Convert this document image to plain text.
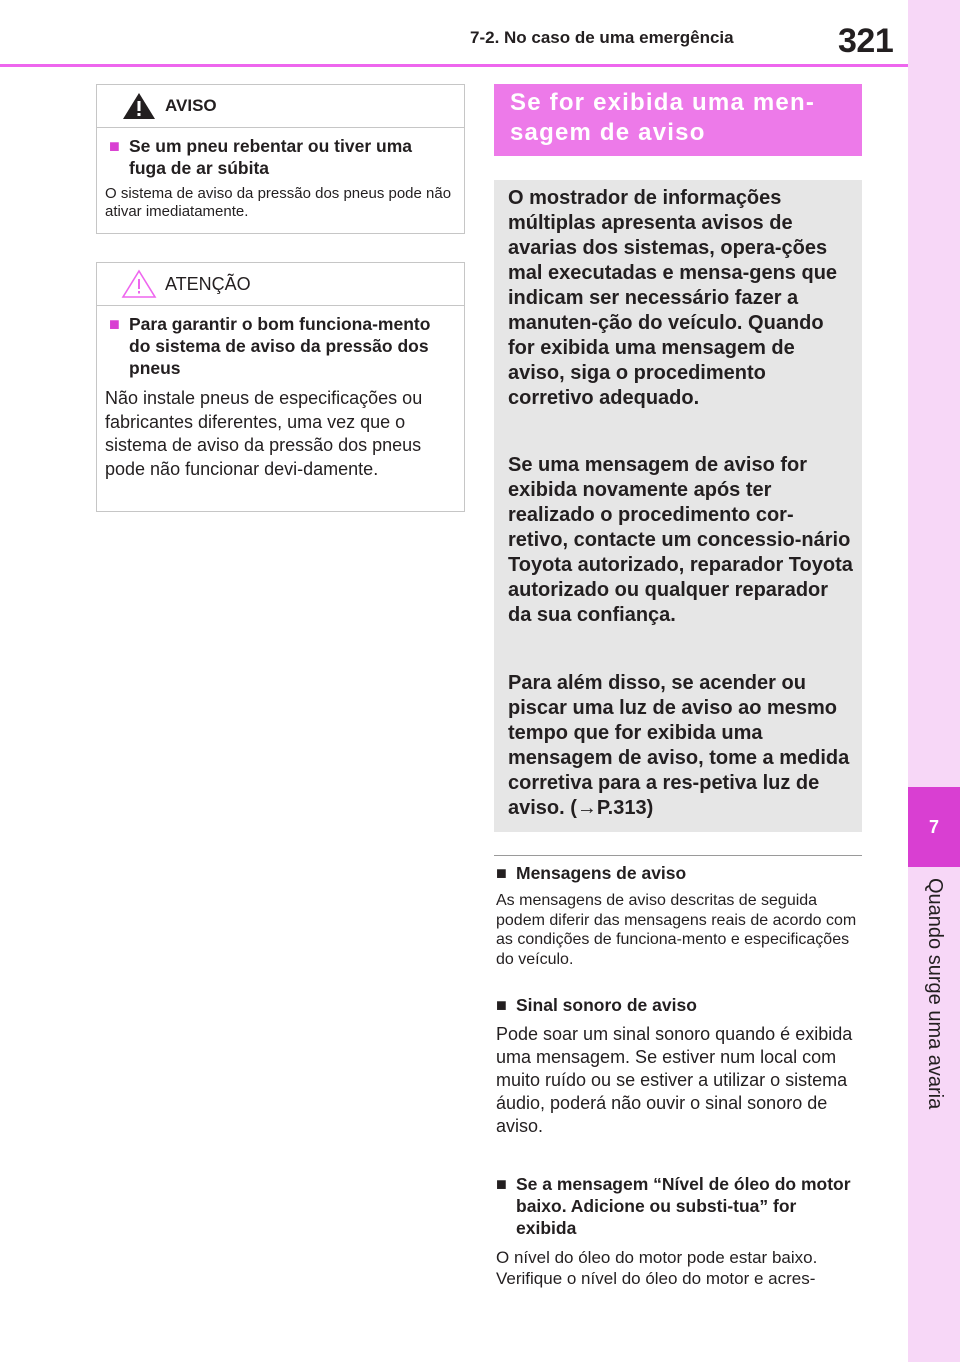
7-2. No caso de uma emergência	321
7
Quando surge uma avaria
AVISO
■ Se um pneu rebentar ou tiver uma fuga de ar súbita
O sistema de aviso da pressão dos pneus pode não ativar imediatamente.
ATENÇÃO
■ Para garantir o bom funciona-mento do sistema de aviso da pressão dos pneus
Não instale pneus de especificações ou fabricantes diferentes, uma vez que o sistema de aviso da pressão dos pneus pode não funcionar devi-damente.
Se for exibida uma men-sagem de aviso
O mostrador de informações múltiplas apresenta avisos de avarias dos sistemas, opera-ções mal executadas e mensa-gens que indicam ser necessário fazer a manuten-ção do veículo. Quando for exibida uma mensagem de aviso, siga o procedimento corretivo adequado.
Se uma mensagem de aviso for exibida novamente após ter realizado o procedimento cor-retivo, contacte um concessio-nário Toyota autorizado, reparador Toyota autorizado ou qualquer reparador da sua confiança.
Para além disso, se acender ou piscar uma luz de aviso ao mesmo tempo que for exibida uma mensagem de aviso, tome a medida corretiva para a res-petiva luz de aviso. (→P.313)
■ Mensagens de aviso
As mensagens de aviso descritas de seguida podem diferir das mensagens reais de acordo com as condições de funciona-mento e especificações do veículo.
■ Sinal sonoro de aviso
Pode soar um sinal sonoro quando é exibida uma mensagem. Se estiver num local com muito ruído ou se estiver a utilizar o sistema áudio, poderá não ouvir o sinal sonoro de aviso.
■ Se a mensagem “Nível de óleo do motor baixo. Adicione ou substi-tua” for exibida
O nível do óleo do motor pode estar baixo. Verifique o nível do óleo do motor e acres-
